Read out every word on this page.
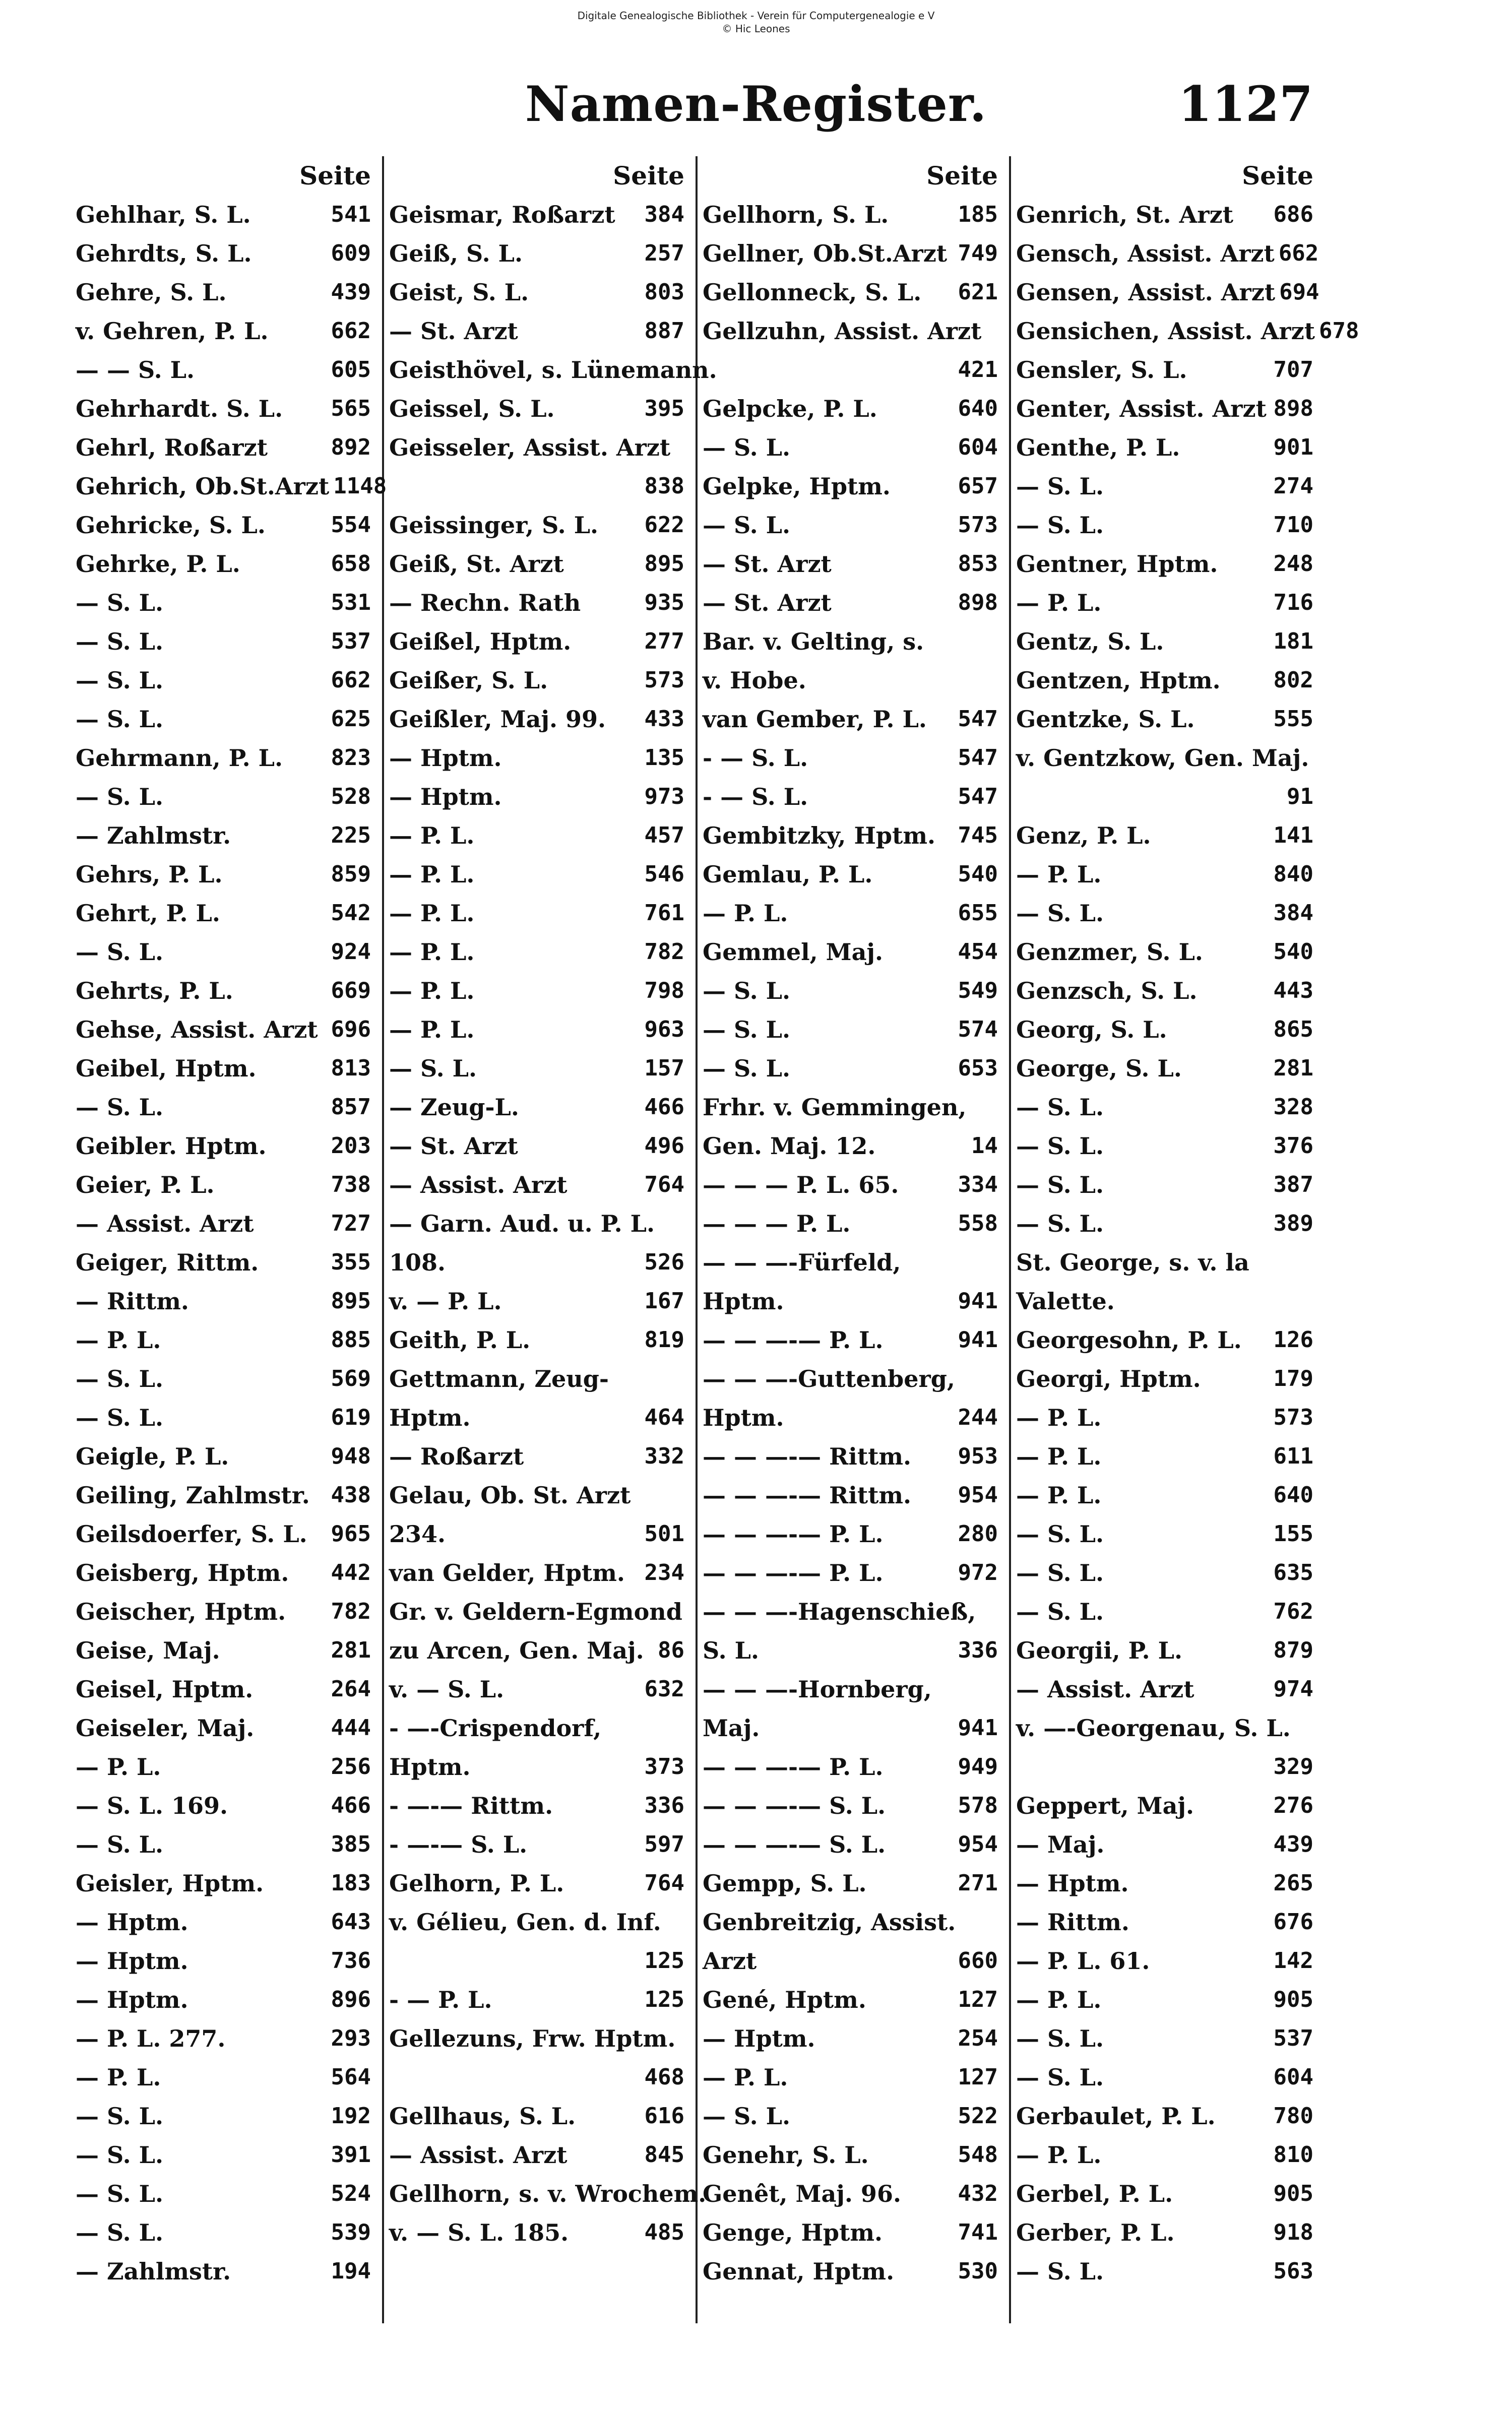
Digitale Genealogische Bibliothek - Verein für Computergenealogie e V
© Hic Leones
Namen-Register.	1127
Seite
Gehlhar, S. L.	541
Gehrdts, S. L.	609
Gehre, S. L.	439
v. Gehren, P. L.	662
— — S. L.	605
Gehrhardt. S. L.	565
Gehrl, Roßarzt	892
Gehrich, Ob.St.Arzt 1148
Gehricke, S. L.	554
Gehrke, P. L.	658
— S. L.	531
— S. L.	537
— S. L.	662
— S. L.	625
Gehrmann, P. L.	823
— S. L.	528
— Zahlmstr.	225
Gehrs, P. L.	859
Gehrt, P. L.	542
— S. L.	924
Gehrts, P. L.	669
Gehse, Assist. Arzt 696
Geibel, Hptm.	813
— S. L.	857
Geibler. Hptm.	203
Geier, P. L.	738
— Assist. Arzt	727
Geiger, Rittm.	355
— Rittm.	895
— P. L.	885
— S. L.	569
— S. L.	619
Geigle, P. L.	948
Geiling, Zahlmstr. 438
Geilsdoerfer, S. L.	965
Geisberg, Hptm.	442
Geischer, Hptm.	782
Geise, Maj.	281
Geisel, Hptm.	264
Geiseler, Maj.	444
— P. L.	256
— S. L. 169.	466
— S. L.	385
Geisler, Hptm.	183
— Hptm.	643
— Hptm.	736
— Hptm.	896
— P. L. 277.	293
— P. L.	564
— S. L.	192
— S. L.	391
— S. L.	524
— S. L.	539
— Zahlmstr.	194
Seite
Geismar, Roßarzt	384
Geiß, S. L.	257
Geist, S. L.	803
— St. Arzt	887
Geisthövel, s. Lünemann.
Geissel, S. L.	395
Geisseler, Assist. Arzt
838
Geissinger, S. L.	622
Geiß, St. Arzt	895
— Rechn. Rath	935
Geißel, Hptm.	277
Geißer, S. L.	573
Geißler, Maj. 99.	433
— Hptm.	135
— Hptm.	973
— P. L.	457
— P. L.	546
— P. L.	761
— P. L.	782
— P. L.	798
— P. L.	963
— S. L.	157
— Zeug-L.	466
— St. Arzt	496
— Assist. Arzt	764
— Garn. Aud. u. P. L.
108.	526
v. — P. L.	167
Geith, P. L.	819
Gettmann, Zeug-
Hptm.	464
— Roßarzt	332
Gelau, Ob. St. Arzt
234.	501
van Gelder, Hptm. 234
Gr. v. Geldern-Egmond
zu Arcen, Gen. Maj. 86
v. — S. L.	632
- —-Crispendorf,
Hptm.	373
- —-— Rittm.	336
- —-— S. L.	597
Gelhorn, P. L.	764
v. Gélieu, Gen. d. Inf.
125
- — P. L.	125
Gellezuns, Frw. Hptm.
468
Gellhaus, S. L.	616
— Assist. Arzt	845
Gellhorn, s. v. Wrochem.
v. — S. L. 185.	485
Seite
Gellhorn, S. L.	185
Gellner, Ob.St.Arzt 749
Gellonneck, S. L.	621
Gellzuhn, Assist. Arzt
421
Gelpcke, P. L.	640
— S. L.	604
Gelpke, Hptm.	657
— S. L.	573
— St. Arzt	853
— St. Arzt	898
Bar. v. Gelting, s.
v. Hobe.
van Gember, P. L.	547
- — S. L.	547
- — S. L.	547
Gembitzky, Hptm.	745
Gemlau, P. L.	540
— P. L.	655
Gemmel, Maj.	454
— S. L.	549
— S. L.	574
— S. L.	653
Frhr. v. Gemmingen,
Gen. Maj. 12.	14
— — — P. L. 65.	334
— — — P. L.	558
— — —-Fürfeld,
Hptm.	941
— — —-— P. L.	941
— — —-Guttenberg,
Hptm.	244
— — —-— Rittm.	953
— — —-— Rittm.	954
— — —-— P. L.	280
— — —-— P. L.	972
— — —-Hagenschieß,
S. L.	336
— — —-Hornberg,
Maj.	941
— — —-— P. L.	949
— — —-— S. L.	578
— — —-— S. L.	954
Gempp, S. L.	271
Genbreitzig, Assist.
Arzt	660
Gené, Hptm.	127
— Hptm.	254
— P. L.	127
— S. L.	522
Genehr, S. L.	548
Genêt, Maj. 96.	432
Genge, Hptm.	741
Gennat, Hptm.	530
Seite
Genrich, St. Arzt	686
Gensch, Assist. Arzt 662
Gensen, Assist. Arzt 694
Gensichen, Assist. Arzt 678
Gensler, S. L.	707
Genter, Assist. Arzt 898
Genthe, P. L.	901
— S. L.	274
— S. L.	710
Gentner, Hptm.	248
— P. L.	716
Gentz, S. L.	181
Gentzen, Hptm.	802
Gentzke, S. L.	555
v. Gentzkow, Gen. Maj.
91
Genz, P. L.	141
— P. L.	840
— S. L.	384
Genzmer, S. L.	540
Genzsch, S. L.	443
Georg, S. L.	865
George, S. L.	281
— S. L.	328
— S. L.	376
— S. L.	387
— S. L.	389
St. George, s. v. la
Valette.
Georgesohn, P. L.	126
Georgi, Hptm.	179
— P. L.	573
— P. L.	611
— P. L.	640
— S. L.	155
— S. L.	635
— S. L.	762
Georgii, P. L.	879
— Assist. Arzt	974
v. —-Georgenau, S. L.
329
Geppert, Maj.	276
— Maj.	439
— Hptm.	265
— Rittm.	676
— P. L. 61.	142
— P. L.	905
— S. L.	537
— S. L.	604
Gerbaulet, P. L.	780
— P. L.	810
Gerbel, P. L.	905
Gerber, P. L.	918
— S. L.	563
